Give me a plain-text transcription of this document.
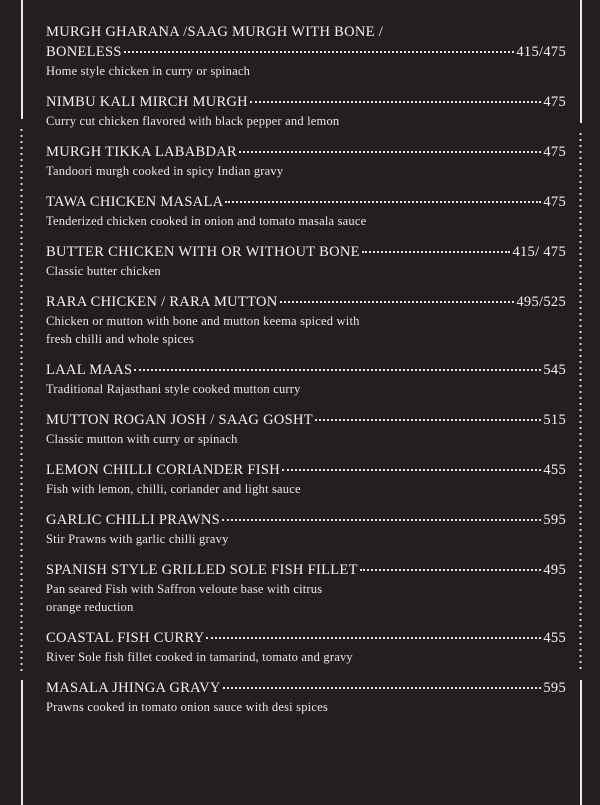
MURGH GHARANA /SAAG MURGH WITH BONE /
BONELESS	415/475
Home style chicken in curry or spinach
NIMBU KALI MIRCH MURGH	475
Curry cut chicken flavored with black pepper and lemon
MURGH TIKKA LABABDAR	475
Tandoori murgh cooked in spicy Indian gravy
TAWA CHICKEN MASALA	475
Tenderized chicken cooked in onion and tomato masala sauce
BUTTER CHICKEN WITH OR WITHOUT BONE	415/ 475
Classic butter chicken
RARA CHICKEN / RARA MUTTON	495/525
Chicken or mutton with bone and mutton keema spiced with
fresh chilli and whole spices
LAAL MAAS	545
Traditional Rajasthani style cooked mutton curry
MUTTON ROGAN JOSH / SAAG GOSHT	515
Classic mutton with curry or spinach
LEMON CHILLI CORIANDER FISH	455
Fish with lemon, chilli, coriander and light sauce
GARLIC CHILLI PRAWNS	595
Stir Prawns with garlic chilli gravy
SPANISH STYLE GRILLED SOLE FISH FILLET	495
Pan seared Fish with Saffron veloute base with citrus
orange reduction
COASTAL FISH CURRY	455
River Sole fish fillet cooked in tamarind, tomato and gravy
MASALA JHINGA GRAVY	595
Prawns cooked in tomato onion sauce with desi spices
